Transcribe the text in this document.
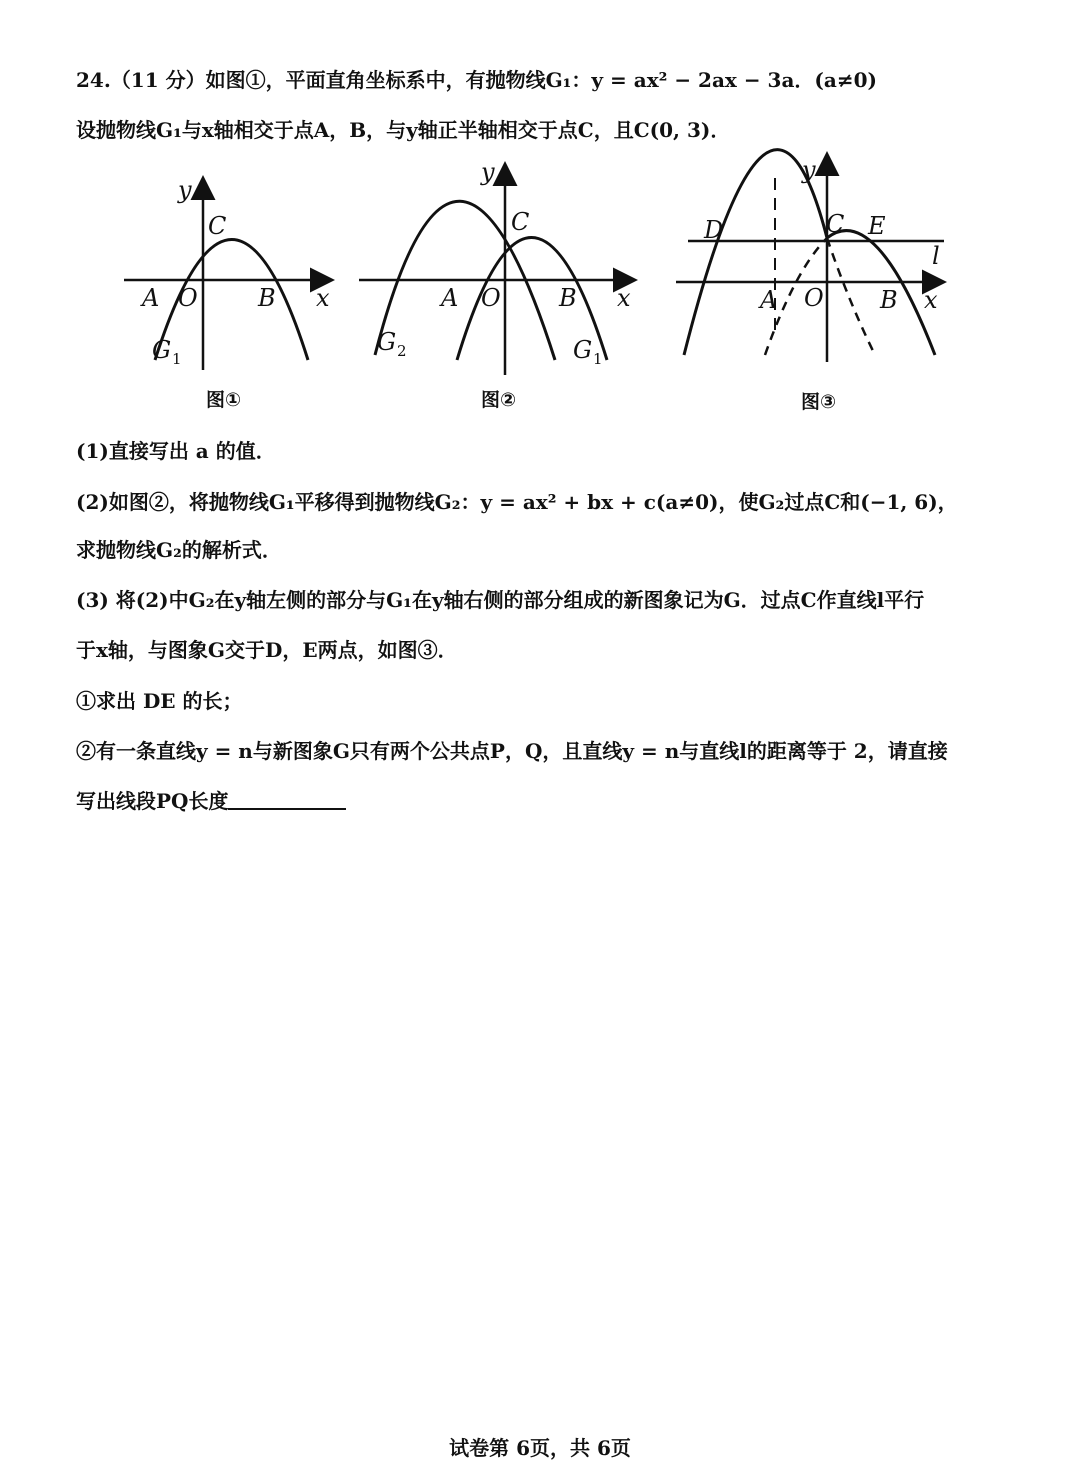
24.（11 分）如图①，平面直角坐标系中，有抛物线G₁：y = ax² − 2ax − 3a．(a≠0)
设抛物线G₁与x轴相交于点A，B，与y轴正半轴相交于点C，且C(0, 3)．
y
x
C
A O	B
G 1
图①
y
x
C
A O B
G 2	G 1
图②
y
x
C
D	E
l
A O B
图③
(1)直接写出 a 的值．
(2)如图②，将抛物线G₁平移得到抛物线G₂：y = ax² + bx + c(a≠0)，使G₂过点C和(−1, 6)，
求抛物线G₂的解析式．
(3) 将(2)中G₂在y轴左侧的部分与G₁在y轴右侧的部分组成的新图象记为G．过点C作直线l平行
于x轴，与图象G交于D，E两点，如图③．
①求出 DE 的长；
②有一条直线y = n与新图象G只有两个公共点P，Q，且直线y = n与直线l的距离等于 2，请直接
写出线段PQ长度
试卷第 6页，共 6页
